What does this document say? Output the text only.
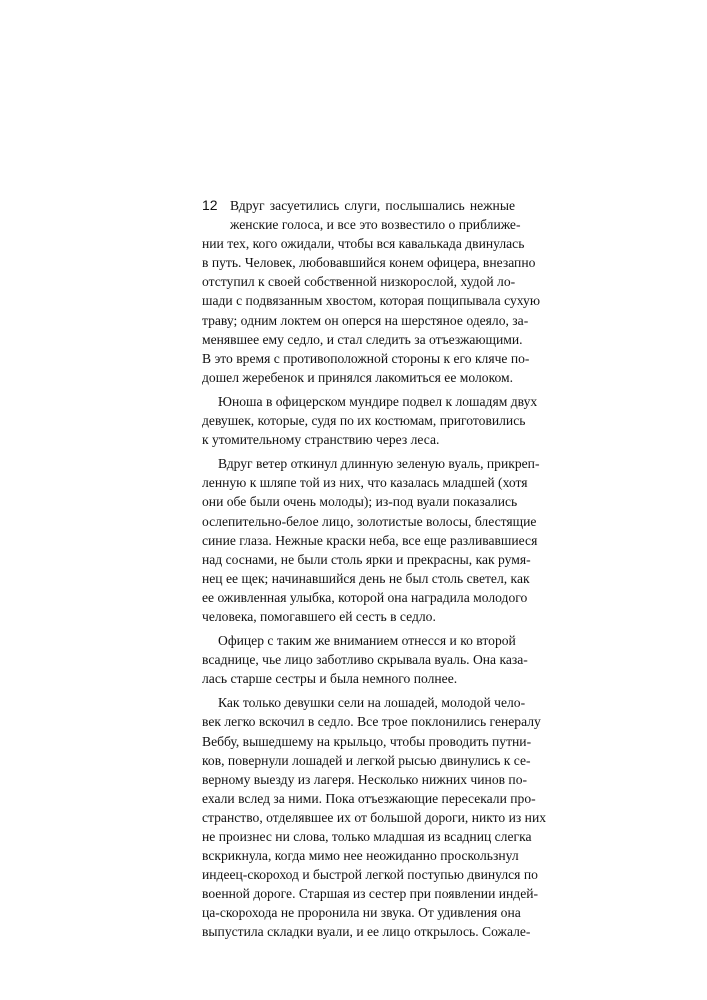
12 Вдруг засуетились слуги, послышались нежные
женские голоса, и все это возвестило о приближе-
нии тех, кого ожидали, чтобы вся кавалькада двинулась
в путь. Человек, любовавшийся конем офицера, внезапно
отступил к своей собственной низкорослой, худой ло-
шади с подвязанным хвостом, которая пощипывала сухую
траву; одним локтем он оперся на шерстяное одеяло, за-
менявшее ему седло, и стал следить за отъезжающими.
В это время с противоположной стороны к его кляче по-
дошел жеребенок и принялся лакомиться ее молоком.
Юноша в офицерском мундире подвел к лошадям двух
девушек, которые, судя по их костюмам, приготовились
к утомительному странствию через леса.
Вдруг ветер откинул длинную зеленую вуаль, прикреп-
ленную к шляпе той из них, что казалась младшей (хотя
они обе были очень молоды); из-под вуали показались
ослепительно-белое лицо, золотистые волосы, блестящие
синие глаза. Нежные краски неба, все еще разливавшиеся
над соснами, не были столь ярки и прекрасны, как румя-
нец ее щек; начинавшийся день не был столь светел, как
ее оживленная улыбка, которой она наградила молодого
человека, помогавшего ей сесть в седло.
Офицер с таким же вниманием отнесся и ко второй
всаднице, чье лицо заботливо скрывала вуаль. Она каза-
лась старше сестры и была немного полнее.
Как только девушки сели на лошадей, молодой чело-
век легко вскочил в седло. Все трое поклонились генералу
Веббу, вышедшему на крыльцо, чтобы проводить путни-
ков, повернули лошадей и легкой рысью двинулись к се-
верному выезду из лагеря. Несколько нижних чинов по-
ехали вслед за ними. Пока отъезжающие пересекали про-
странство, отделявшее их от большой дороги, никто из них
не произнес ни слова, только младшая из всадниц слегка
вскрикнула, когда мимо нее неожиданно проскользнул
индеец-скороход и быстрой легкой поступью двинулся по
военной дороге. Старшая из сестер при появлении индей-
ца-скорохода не проронила ни звука. От удивления она
выпустила складки вуали, и ее лицо открылось. Сожале-
